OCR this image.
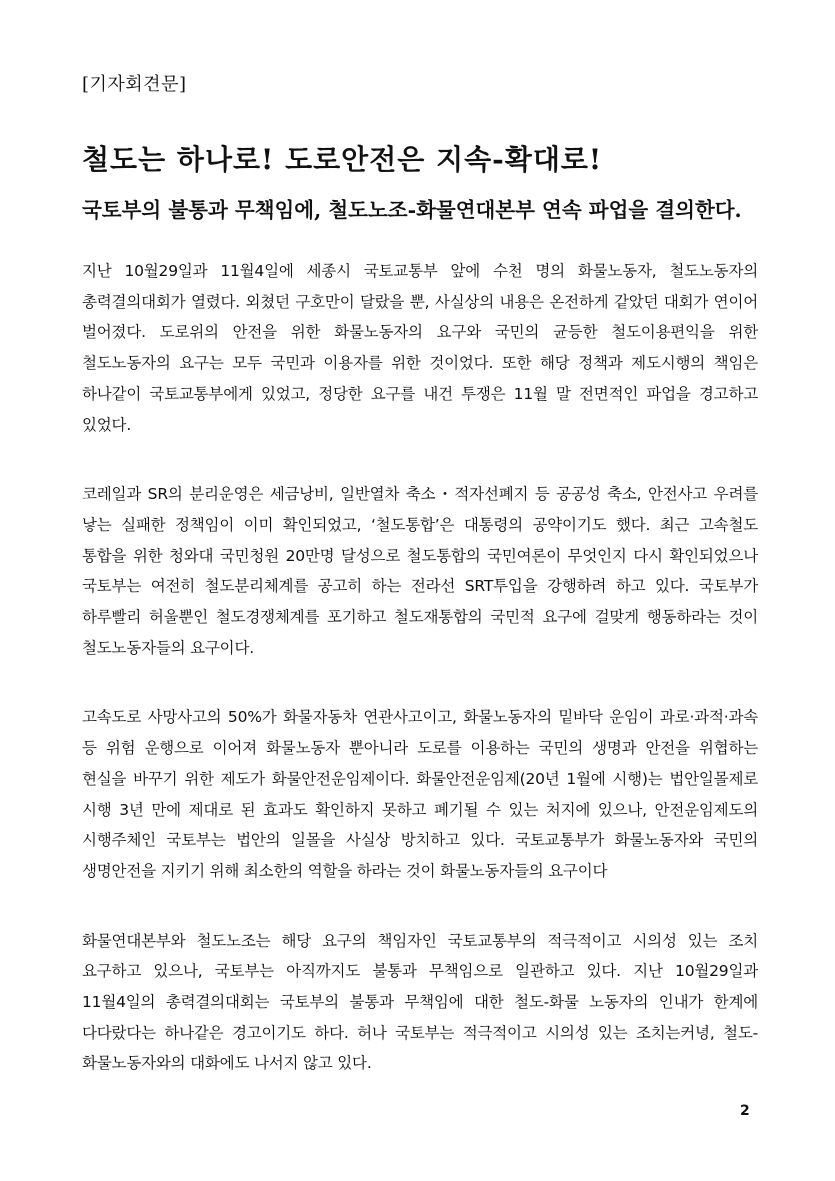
[기자회견문]
철도는 하나로! 도로안전은 지속-확대로!
국토부의 불통과 무책임에, 철도노조-화물연대본부 연속 파업을 결의한다.

지난 10월29일과 11월4일에 세종시 국토교통부 앞에 수천 명의 화물노동자, 철도노동자의 총력결의대회가 열렸다. 외쳤던 구호만이 달랐을 뿐, 사실상의 내용은 온전하게 같았던 대회가 연이어 벌어졌다. 도로위의 안전을 위한 화물노동자의 요구와 국민의 균등한 철도이용편익을 위한 철도노동자의 요구는 모두 국민과 이용자를 위한 것이었다. 또한 해당 정책과 제도시행의 책임은 하나같이 국토교통부에게 있었고, 정당한 요구를 내건 투쟁은 11월 말 전면적인 파업을 경고하고 있었다.

코레일과 SR의 분리운영은 세금낭비, 일반열차 축소・적자선폐지 등 공공성 축소, 안전사고 우려를 낳는 실패한 정책임이 이미 확인되었고, ‘철도통합’은 대통령의 공약이기도 했다. 최근 고속철도 통합을 위한 청와대 국민청원 20만명 달성으로 철도통합의 국민여론이 무엇인지 다시 확인되었으나 국토부는 여전히 철도분리체계를 공고히 하는 전라선 SRT투입을 강행하려 하고 있다. 국토부가 하루빨리 허울뿐인 철도경쟁체계를 포기하고 철도재통합의 국민적 요구에 걸맞게 행동하라는 것이 철도노동자들의 요구이다.

고속도로 사망사고의 50%가 화물자동차 연관사고이고, 화물노동자의 밑바닥 운임이 과로·과적·과속 등 위험 운행으로 이어져 화물노동자 뿐아니라 도로를 이용하는 국민의 생명과 안전을 위협하는 현실을 바꾸기 위한 제도가 화물안전운임제이다. 화물안전운임제(20년 1월에 시행)는 법안일몰제로 시행 3년 만에 제대로 된 효과도 확인하지 못하고 폐기될 수 있는 처지에 있으나, 안전운임제도의 시행주체인 국토부는 법안의 일몰을 사실상 방치하고 있다. 국토교통부가 화물노동자와 국민의 생명안전을 지키기 위해 최소한의 역할을 하라는 것이 화물노동자들의 요구이다

화물연대본부와 철도노조는 해당 요구의 책임자인 국토교통부의 적극적이고 시의성 있는 조치 요구하고 있으나, 국토부는 아직까지도 불통과 무책임으로 일관하고 있다. 지난 10월29일과 11월4일의 총력결의대회는 국토부의 불통과 무책임에 대한 철도-화물 노동자의 인내가 한계에 다다랐다는 하나같은 경고이기도 하다. 허나 국토부는 적극적이고 시의성 있는 조치는커녕, 철도-화물노동자와의 대화에도 나서지 않고 있다.

2
